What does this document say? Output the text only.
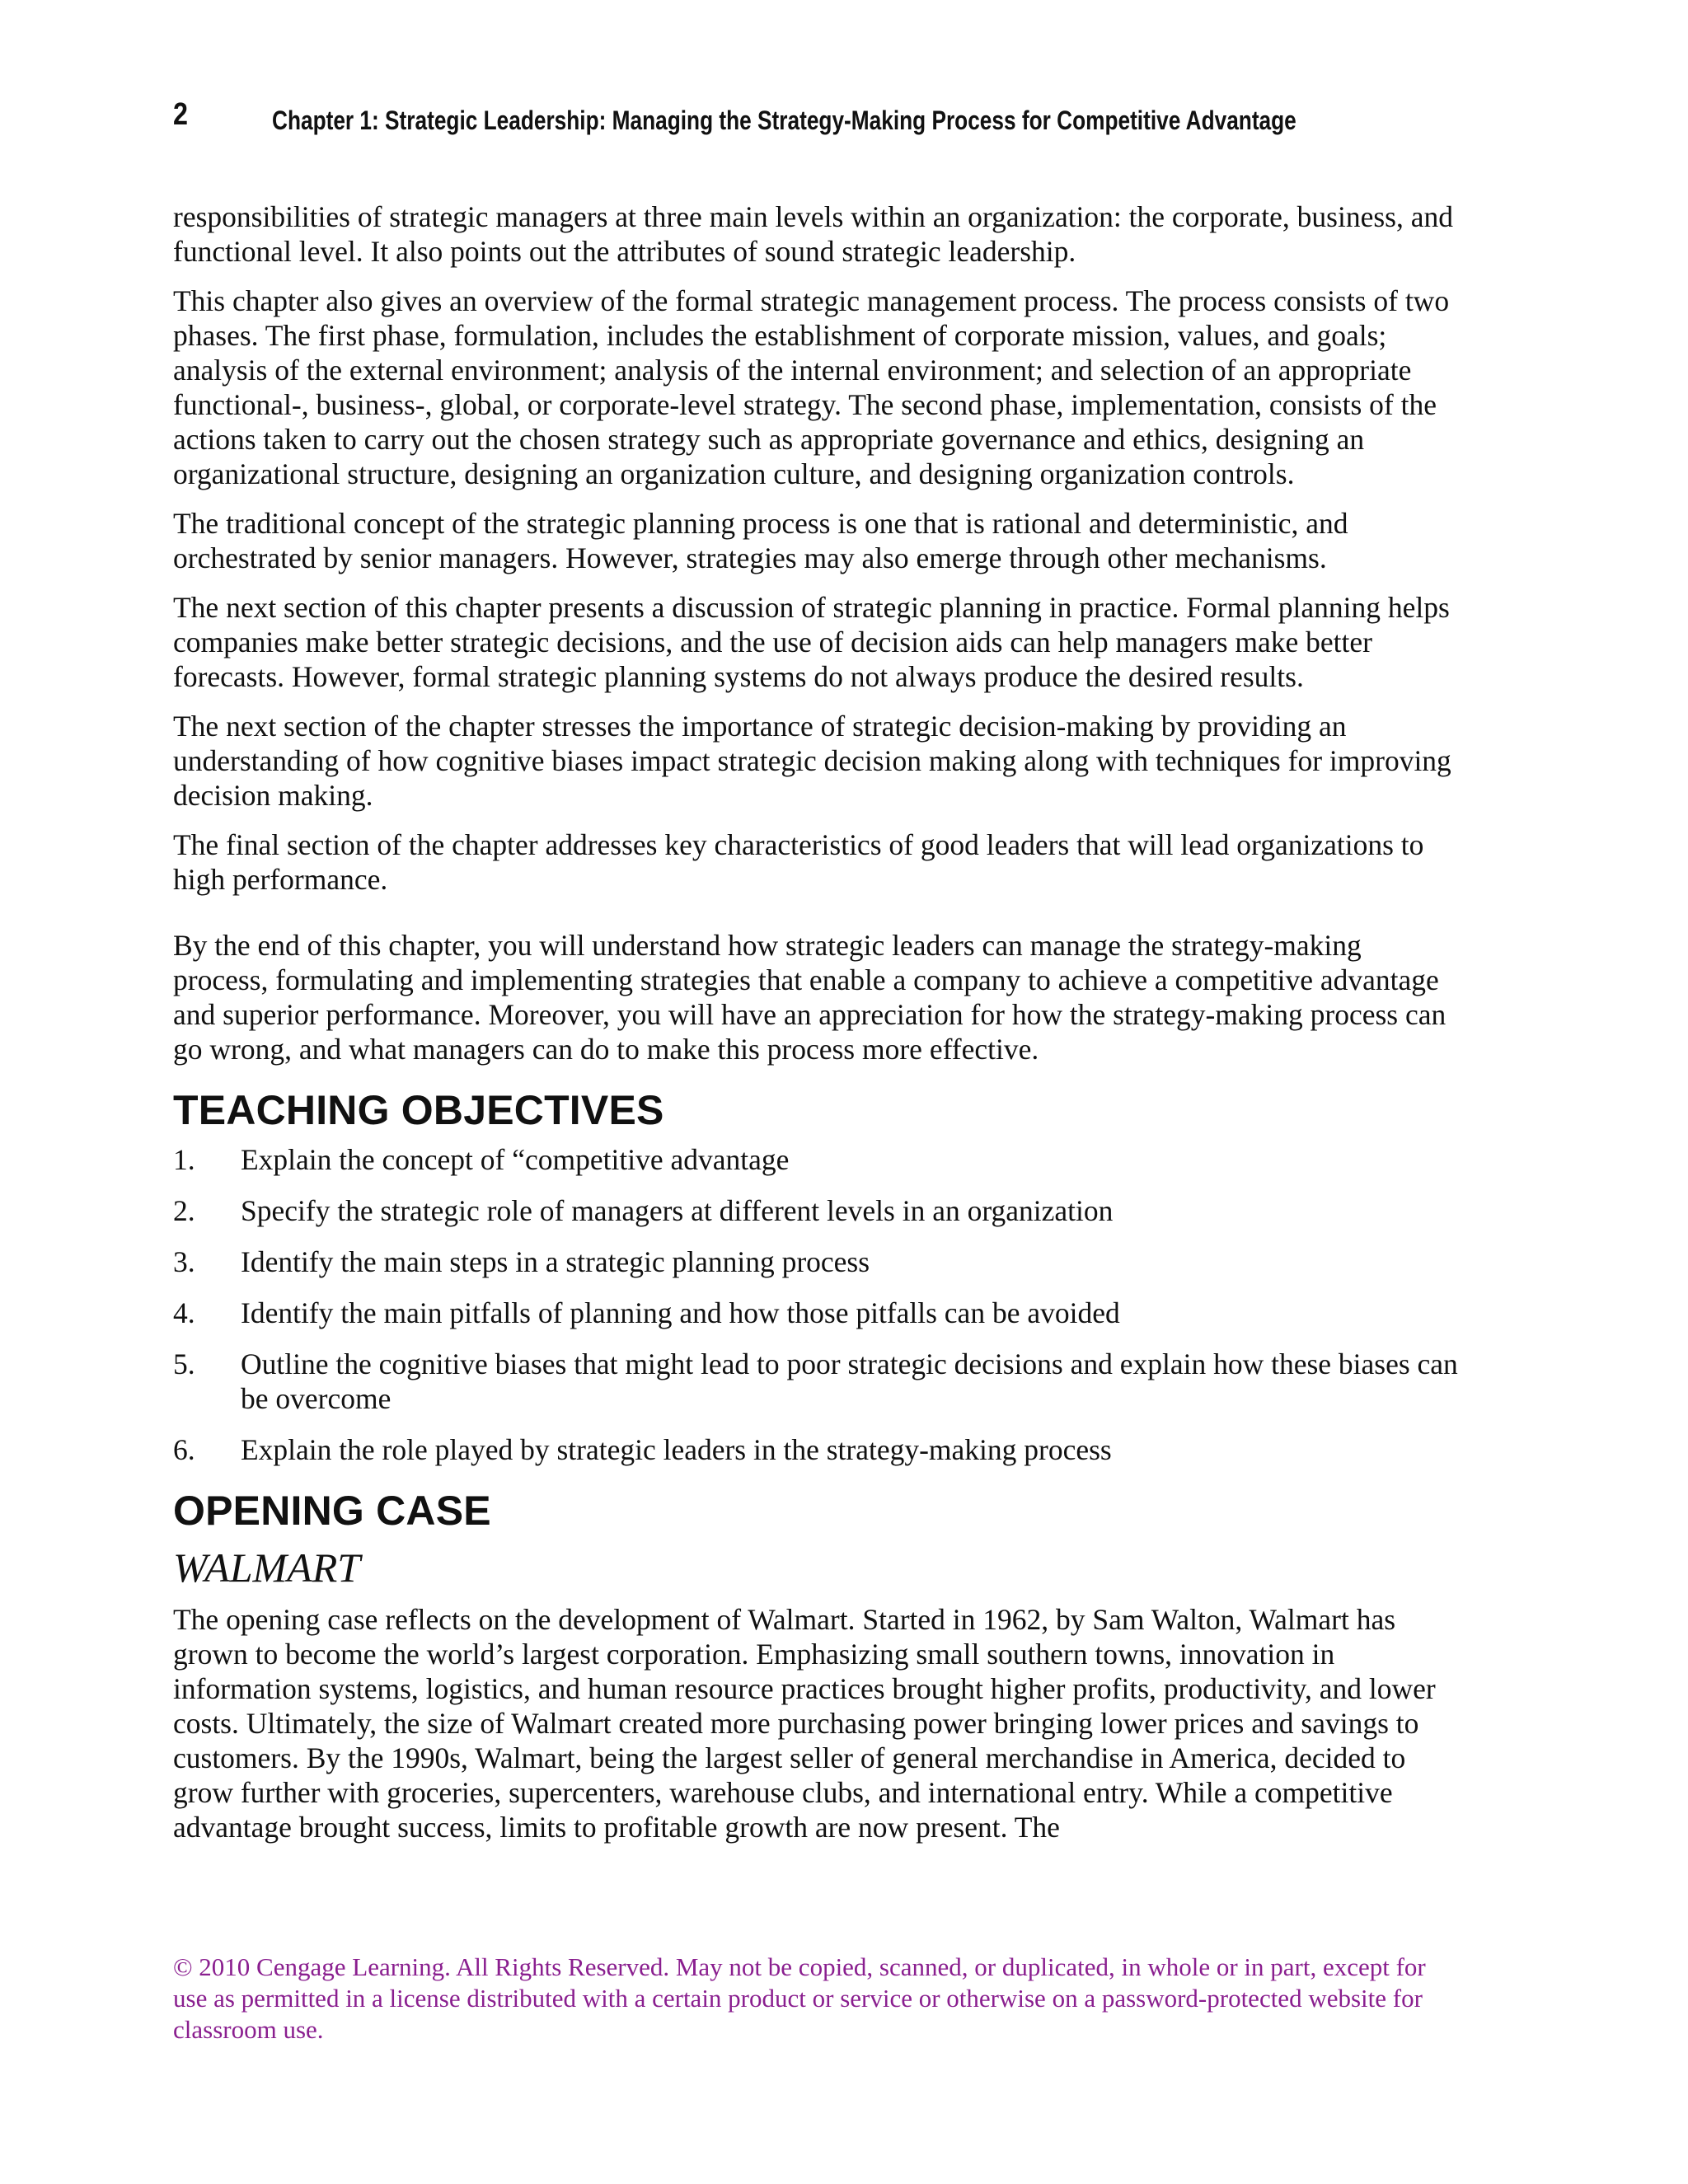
2	Chapter 1: Strategic Leadership: Managing the Strategy-Making Process for Competitive Advantage

responsibilities of strategic managers at three main levels within an organization: the corporate, business, and functional level. It also points out the attributes of sound strategic leadership.

This chapter also gives an overview of the formal strategic management process. The process consists of two phases. The first phase, formulation, includes the establishment of corporate mission, values, and goals; analysis of the external environment; analysis of the internal environment; and selection of an appropriate functional-, business-, global, or corporate-level strategy. The second phase, implementation, consists of the actions taken to carry out the chosen strategy such as appropriate governance and ethics, designing an organizational structure, designing an organization culture, and designing organization controls.

The traditional concept of the strategic planning process is one that is rational and deterministic, and orchestrated by senior managers. However, strategies may also emerge through other mechanisms.

The next section of this chapter presents a discussion of strategic planning in practice. Formal planning helps companies make better strategic decisions, and the use of decision aids can help managers make better forecasts. However, formal strategic planning systems do not always produce the desired results.

The next section of the chapter stresses the importance of strategic decision-making by providing an understanding of how cognitive biases impact strategic decision making along with techniques for improving decision making.

The final section of the chapter addresses key characteristics of good leaders that will lead organizations to high performance.

By the end of this chapter, you will understand how strategic leaders can manage the strategy-making process, formulating and implementing strategies that enable a company to achieve a competitive advantage and superior performance. Moreover, you will have an appreciation for how the strategy-making process can go wrong, and what managers can do to make this process more effective.

TEACHING OBJECTIVES
1.	Explain the concept of “competitive advantage
2.	Specify the strategic role of managers at different levels in an organization
3.	Identify the main steps in a strategic planning process
4.	Identify the main pitfalls of planning and how those pitfalls can be avoided
5.	Outline the cognitive biases that might lead to poor strategic decisions and explain how these biases can be overcome
6.	Explain the role played by strategic leaders in the strategy-making process
OPENING CASE
WALMART

The opening case reflects on the development of Walmart. Started in 1962, by Sam Walton, Walmart has grown to become the world’s largest corporation. Emphasizing small southern towns, innovation in information systems, logistics, and human resource practices brought higher profits, productivity, and lower costs. Ultimately, the size of Walmart created more purchasing power bringing lower prices and savings to customers. By the 1990s, Walmart, being the largest seller of general merchandise in America, decided to grow further with groceries, supercenters, warehouse clubs, and international entry. While a competitive advantage brought success, limits to profitable growth are now present. The

© 2010 Cengage Learning. All Rights Reserved. May not be copied, scanned, or duplicated, in whole or in part, except for use as permitted in a license distributed with a certain product or service or otherwise on a password-protected website for classroom use.
